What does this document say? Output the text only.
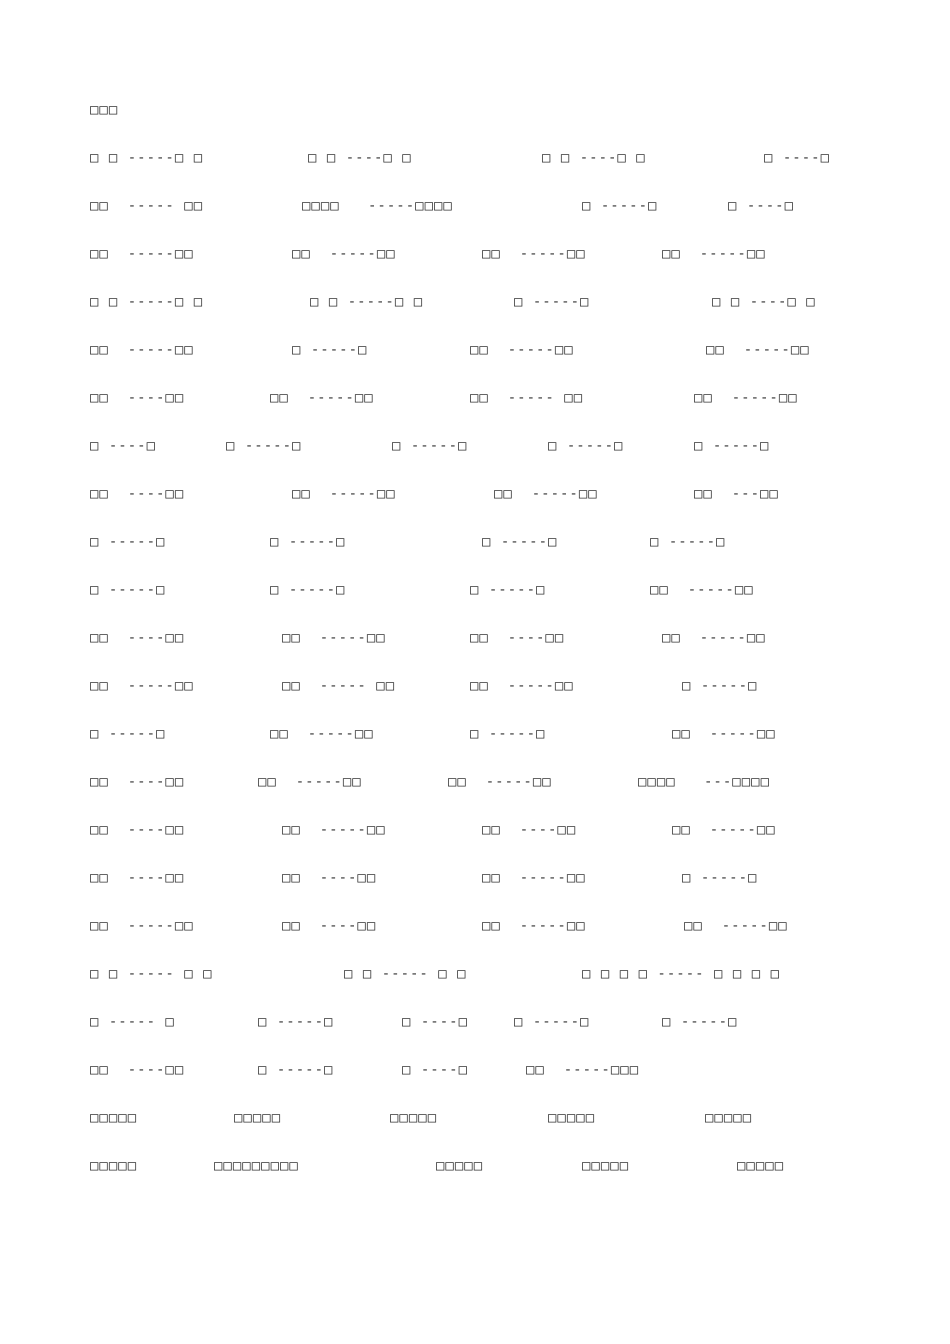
□□□
□ □ -----□ □	□ □ ----□ □	□ □ ----□ □	□ ----□
□□  ----- □□	□□□□   -----□□□□	□ -----□	□ ----□
□□  -----□□	□□  -----□□	□□  -----□□	□□  -----□□
□ □ -----□ □	□ □ -----□ □	□ -----□	□ □ ----□ □
□□  -----□□	□ -----□	□□  -----□□	□□  -----□□
□□  ----□□	□□  -----□□	□□  ----- □□	□□  -----□□
□ ----□	□ -----□	□ -----□	□ -----□	□ -----□
□□  ----□□	□□  -----□□	□□  -----□□	□□  ---□□
□ -----□	□ -----□	□ -----□	□ -----□
□ -----□	□ -----□	□ -----□	□□  -----□□
□□  ----□□	□□  -----□□	□□  ----□□	□□  -----□□
□□  -----□□	□□  ----- □□	□□  -----□□	□ -----□
□ -----□	□□  -----□□	□ -----□	□□  -----□□
□□  ----□□	□□  -----□□	□□  -----□□	□□□□   ---□□□□
□□  ----□□	□□  -----□□	□□  ----□□	□□  -----□□
□□  ----□□	□□  ----□□	□□  -----□□	□ -----□
□□  -----□□	□□  ----□□	□□  -----□□	□□  -----□□
□ □ ----- □ □	□ □ ----- □ □	□ □ □ □ ----- □ □ □ □
□ ----- □	□ -----□	□ ----□	□ -----□	□ -----□
□□  ----□□	□ -----□	□ ----□	□□  -----□□□
□□□□□	□□□□□	□□□□□	□□□□□	□□□□□
□□□□□	□□□□□□□□□	□□□□□	□□□□□	□□□□□
